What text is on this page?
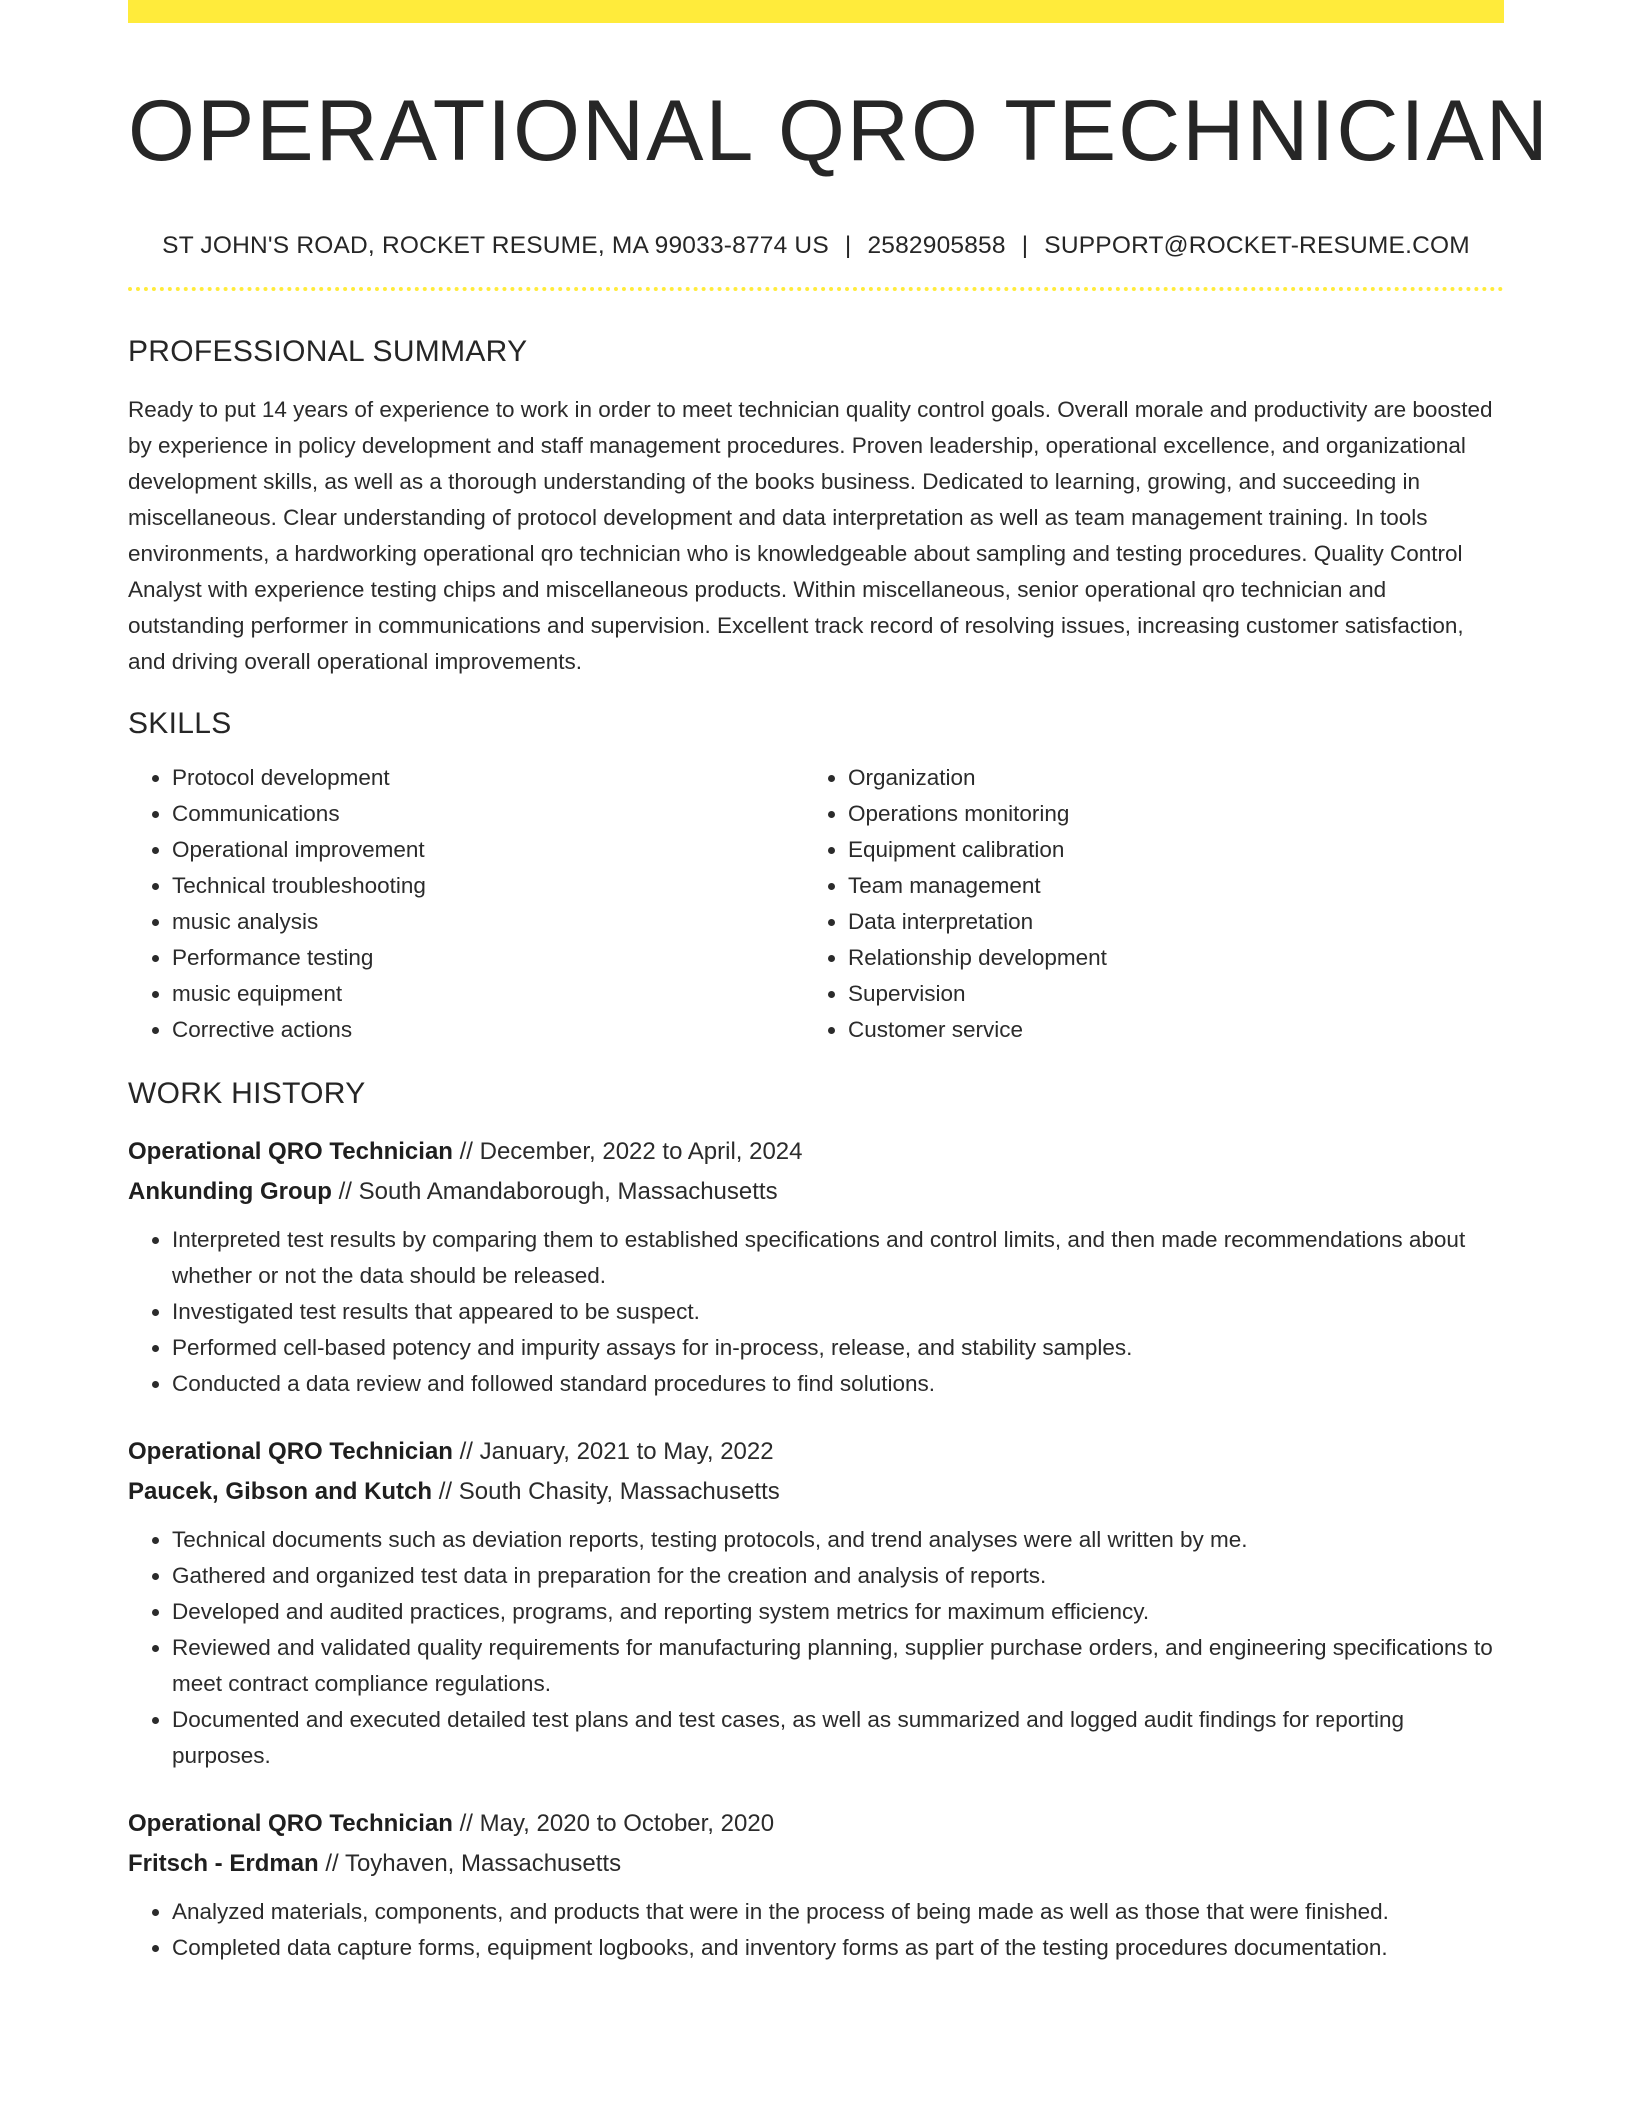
OPERATIONAL QRO TECHNICIAN
ST JOHN'S ROAD, ROCKET RESUME, MA 99033-8774 US | 2582905858 | SUPPORT@ROCKET-RESUME.COM
PROFESSIONAL SUMMARY

Ready to put 14 years of experience to work in order to meet technician quality control goals. Overall morale and productivity are boosted by experience in policy development and staff management procedures. Proven leadership, operational excellence, and organizational development skills, as well as a thorough understanding of the books business. Dedicated to learning, growing, and succeeding in miscellaneous. Clear understanding of protocol development and data interpretation as well as team management training. In tools environments, a hardworking operational qro technician who is knowledgeable about sampling and testing procedures. Quality Control Analyst with experience testing chips and miscellaneous products. Within miscellaneous, senior operational qro technician and outstanding performer in communications and supervision. Excellent track record of resolving issues, increasing customer satisfaction, and driving overall operational improvements.

SKILLS
• Protocol development
• Communications
• Operational improvement
• Technical troubleshooting
• music analysis
• Performance testing
• music equipment
• Corrective actions
• Organization
• Operations monitoring
• Equipment calibration
• Team management
• Data interpretation
• Relationship development
• Supervision
• Customer service
WORK HISTORY
Operational QRO Technician // December, 2022 to April, 2024
Ankunding Group // South Amandaborough, Massachusetts
• Interpreted test results by comparing them to established specifications and control limits, and then made recommendations about whether or not the data should be released.
• Investigated test results that appeared to be suspect.
• Performed cell-based potency and impurity assays for in-process, release, and stability samples.
• Conducted a data review and followed standard procedures to find solutions.
Operational QRO Technician // January, 2021 to May, 2022
Paucek, Gibson and Kutch // South Chasity, Massachusetts
• Technical documents such as deviation reports, testing protocols, and trend analyses were all written by me.
• Gathered and organized test data in preparation for the creation and analysis of reports.
• Developed and audited practices, programs, and reporting system metrics for maximum efficiency.
• Reviewed and validated quality requirements for manufacturing planning, supplier purchase orders, and engineering specifications to meet contract compliance regulations.
• Documented and executed detailed test plans and test cases, as well as summarized and logged audit findings for reporting purposes.
Operational QRO Technician // May, 2020 to October, 2020
Fritsch - Erdman // Toyhaven, Massachusetts
• Analyzed materials, components, and products that were in the process of being made as well as those that were finished.
• Completed data capture forms, equipment logbooks, and inventory forms as part of the testing procedures documentation.
